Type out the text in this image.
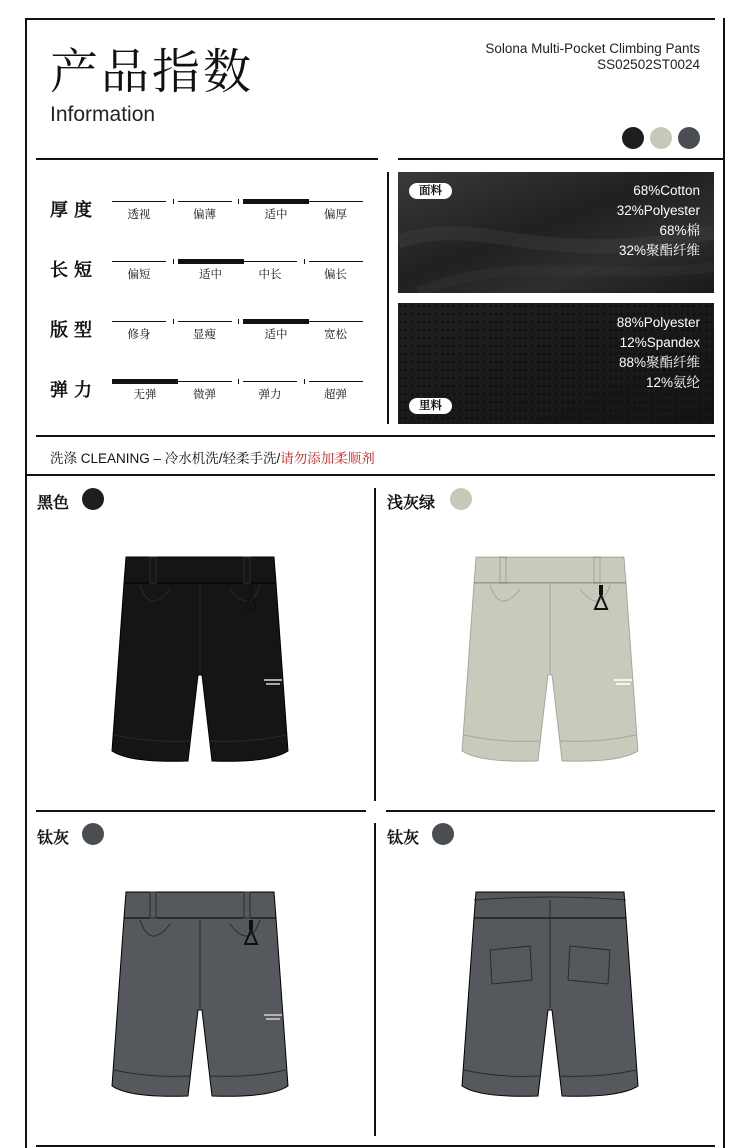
产品指数
Information
Solona Multi-Pocket Climbing Pants
SS02502ST0024
厚度	透视	偏薄	适中	偏厚
长短	偏短	适中	中长	偏长
版型	修身	显瘦	适中	宽松
弹力	无弹	微弹	弹力	超弹
面料	68%Cotton
32%Polyester
68%棉
32%聚酯纤维
88%Polyester
12%Spandex
88%聚酯纤维
12%氨纶
里料
洗涤 CLEANING – 冷水机洗/轻柔手洗/请勿添加柔顺剂
黑色	浅灰绿
钛灰	钛灰
